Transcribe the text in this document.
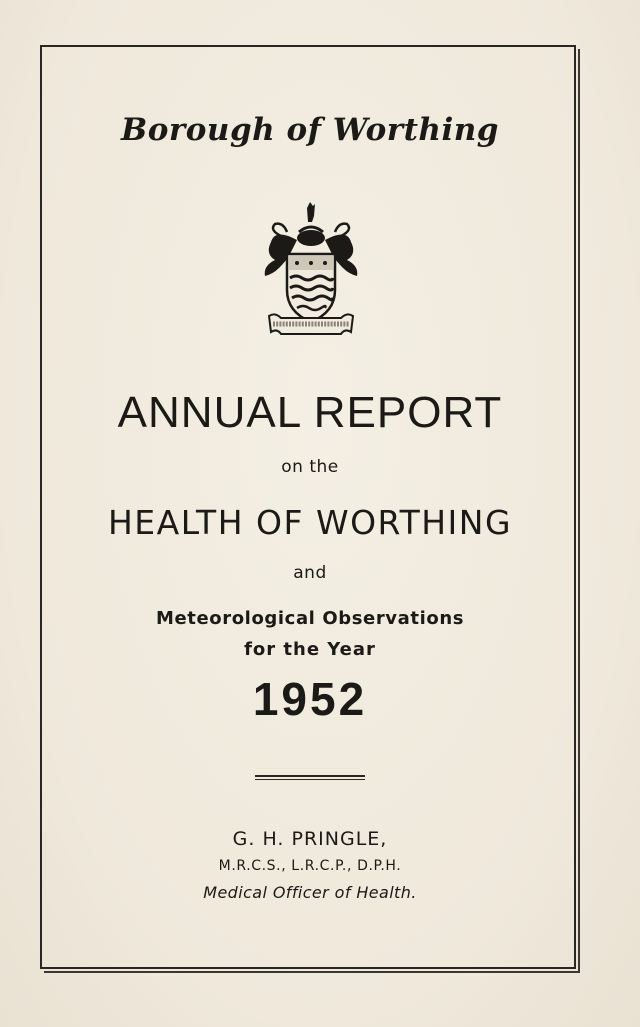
Borough of Worthing
ANNUAL REPORT
on the
HEALTH OF WORTHING
and
Meteorological Observations
for the Year
1952
G. H. PRINGLE,
M.R.C.S., L.R.C.P., D.P.H.
Medical Officer of Health.
